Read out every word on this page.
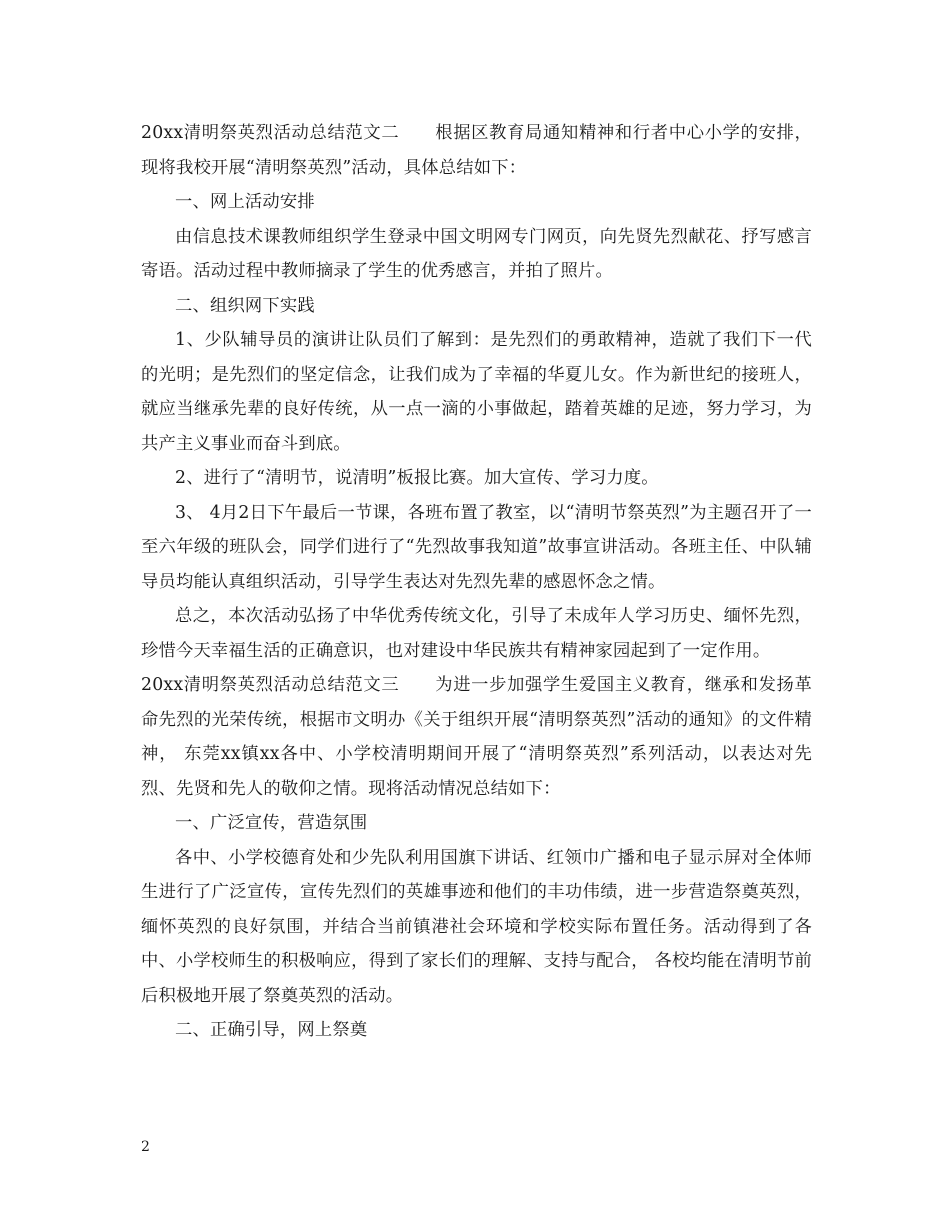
20xx清明祭英烈活动总结范文二　　根据区教育局通知精神和行者中心小学的安排，现将我校开展“清明祭英烈”活动，具体总结如下：

一、网上活动安排

由信息技术课教师组织学生登录中国文明网专门网页，向先贤先烈献花、抒写感言寄语。活动过程中教师摘录了学生的优秀感言，并拍了照片。

二、组织网下实践

1、少队辅导员的演讲让队员们了解到：是先烈们的勇敢精神，造就了我们下一代的光明；是先烈们的坚定信念，让我们成为了幸福的华夏儿女。作为新世纪的接班人，就应当继承先辈的良好传统，从一点一滴的小事做起，踏着英雄的足迹，努力学习，为共产主义事业而奋斗到底。

2、进行了“清明节，说清明”板报比赛。加大宣传、学习力度。

3、 4月2日下午最后一节课，各班布置了教室，以“清明节祭英烈”为主题召开了一至六年级的班队会，同学们进行了“先烈故事我知道”故事宣讲活动。各班主任、中队辅导员均能认真组织活动，引导学生表达对先烈先辈的感恩怀念之情。

总之，本次活动弘扬了中华优秀传统文化，引导了未成年人学习历史、缅怀先烈，珍惜今天幸福生活的正确意识，也对建设中华民族共有精神家园起到了一定作用。

20xx清明祭英烈活动总结范文三　　为进一步加强学生爱国主义教育，继承和发扬革命先烈的光荣传统，根据市文明办《关于组织开展“清明祭英烈”活动的通知》的文件精神， 东莞xx镇xx各中、小学校清明期间开展了“清明祭英烈”系列活动，以表达对先烈、先贤和先人的敬仰之情。现将活动情况总结如下：

一、广泛宣传，营造氛围

各中、小学校德育处和少先队利用国旗下讲话、红领巾广播和电子显示屏对全体师生进行了广泛宣传，宣传先烈们的英雄事迹和他们的丰功伟绩，进一步营造祭奠英烈，缅怀英烈的良好氛围，并结合当前镇港社会环境和学校实际布置任务。活动得到了各中、小学校师生的积极响应，得到了家长们的理解、支持与配合， 各校均能在清明节前后积极地开展了祭奠英烈的活动。

二、正确引导，网上祭奠

2
